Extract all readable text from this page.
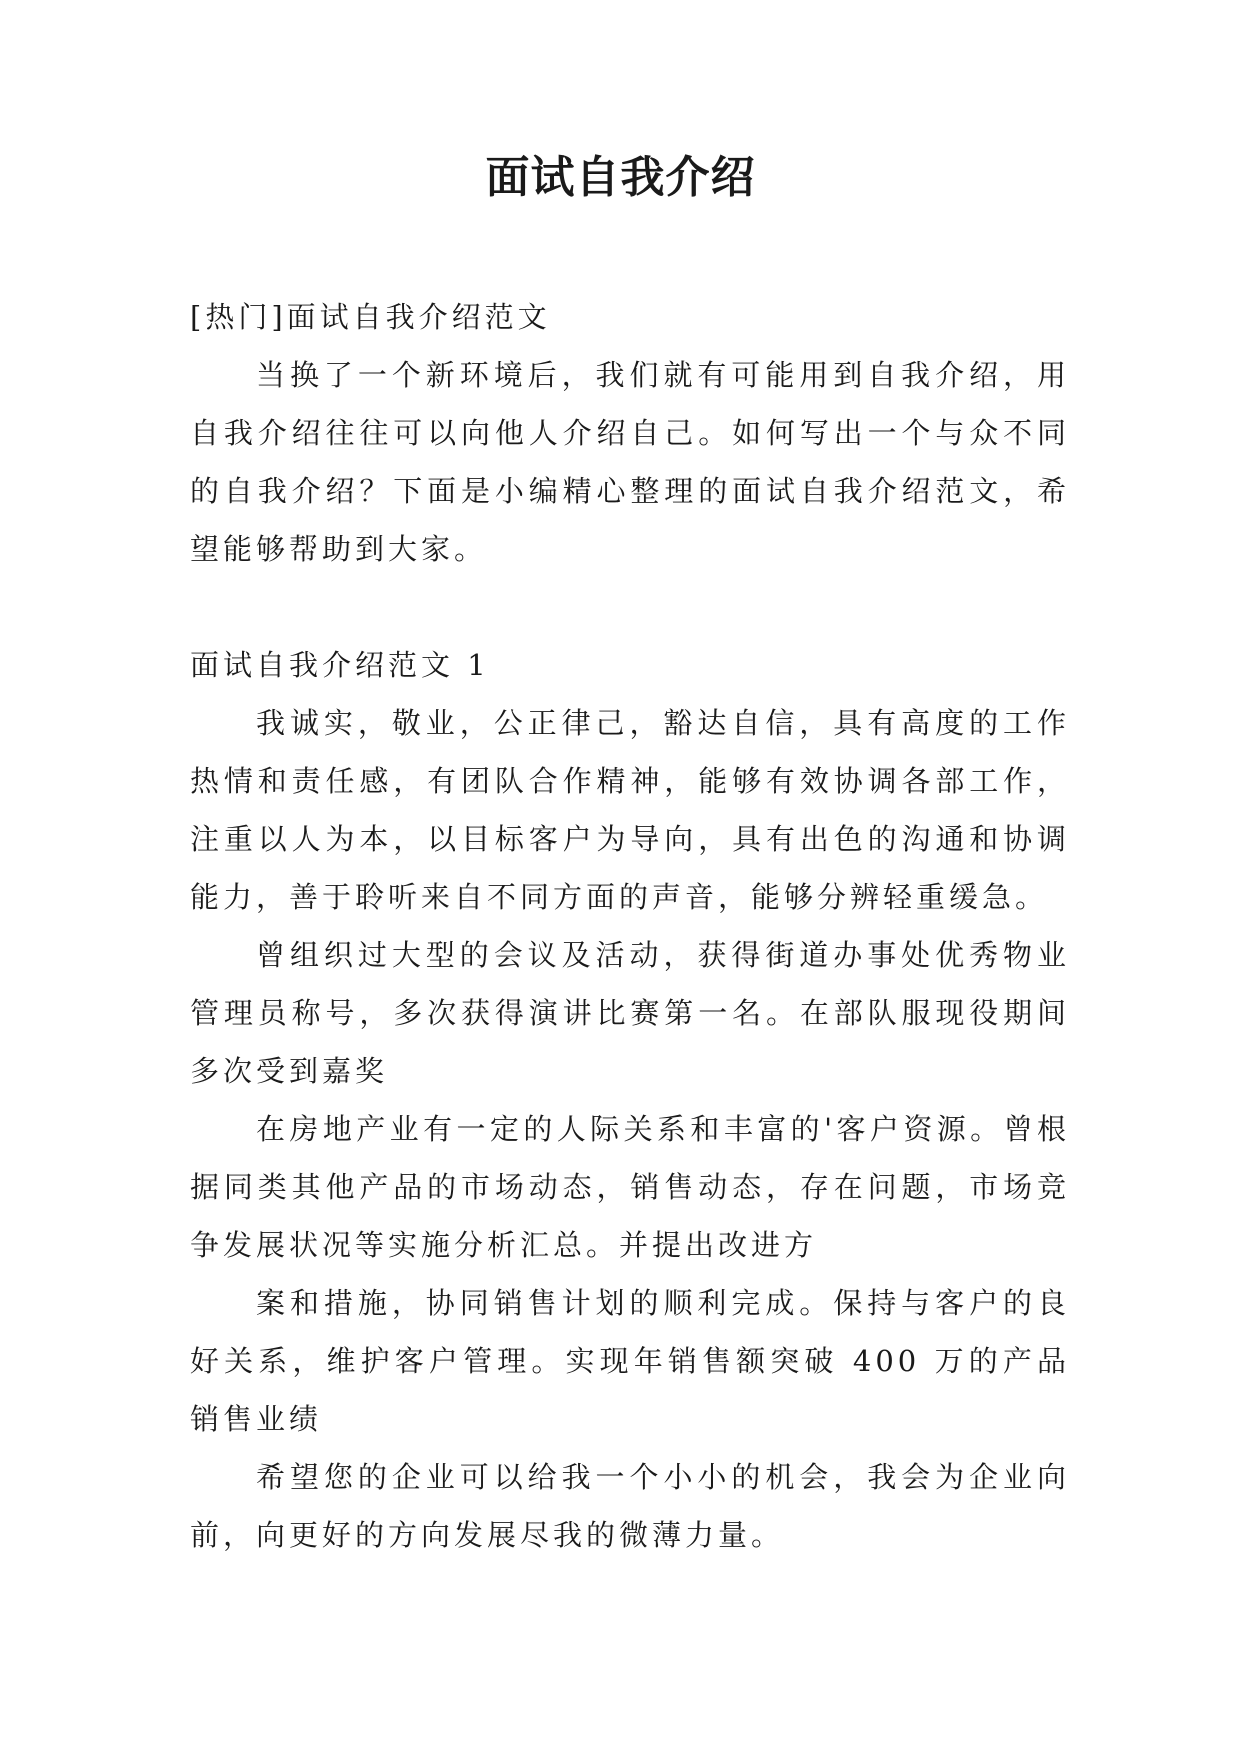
面试自我介绍

[热门]面试自我介绍范文

当换了一个新环境后，我们就有可能用到自我介绍，用自我介绍往往可以向他人介绍自己。如何写出一个与众不同的自我介绍？下面是小编精心整理的面试自我介绍范文，希望能够帮助到大家。

面试自我介绍范文 1

我诚实，敬业，公正律己，豁达自信，具有高度的工作热情和责任感，有团队合作精神，能够有效协调各部工作，注重以人为本，以目标客户为导向，具有出色的沟通和协调能力，善于聆听来自不同方面的声音，能够分辨轻重缓急。

曾组织过大型的会议及活动，获得街道办事处优秀物业管理员称号，多次获得演讲比赛第一名。在部队服现役期间多次受到嘉奖

在房地产业有一定的人际关系和丰富的'客户资源。曾根据同类其他产品的市场动态，销售动态，存在问题，市场竞争发展状况等实施分析汇总。并提出改进方

案和措施，协同销售计划的顺利完成。保持与客户的良好关系，维护客户管理。实现年销售额突破 400 万的产品销售业绩

希望您的企业可以给我一个小小的机会，我会为企业向前，向更好的方向发展尽我的微薄力量。
